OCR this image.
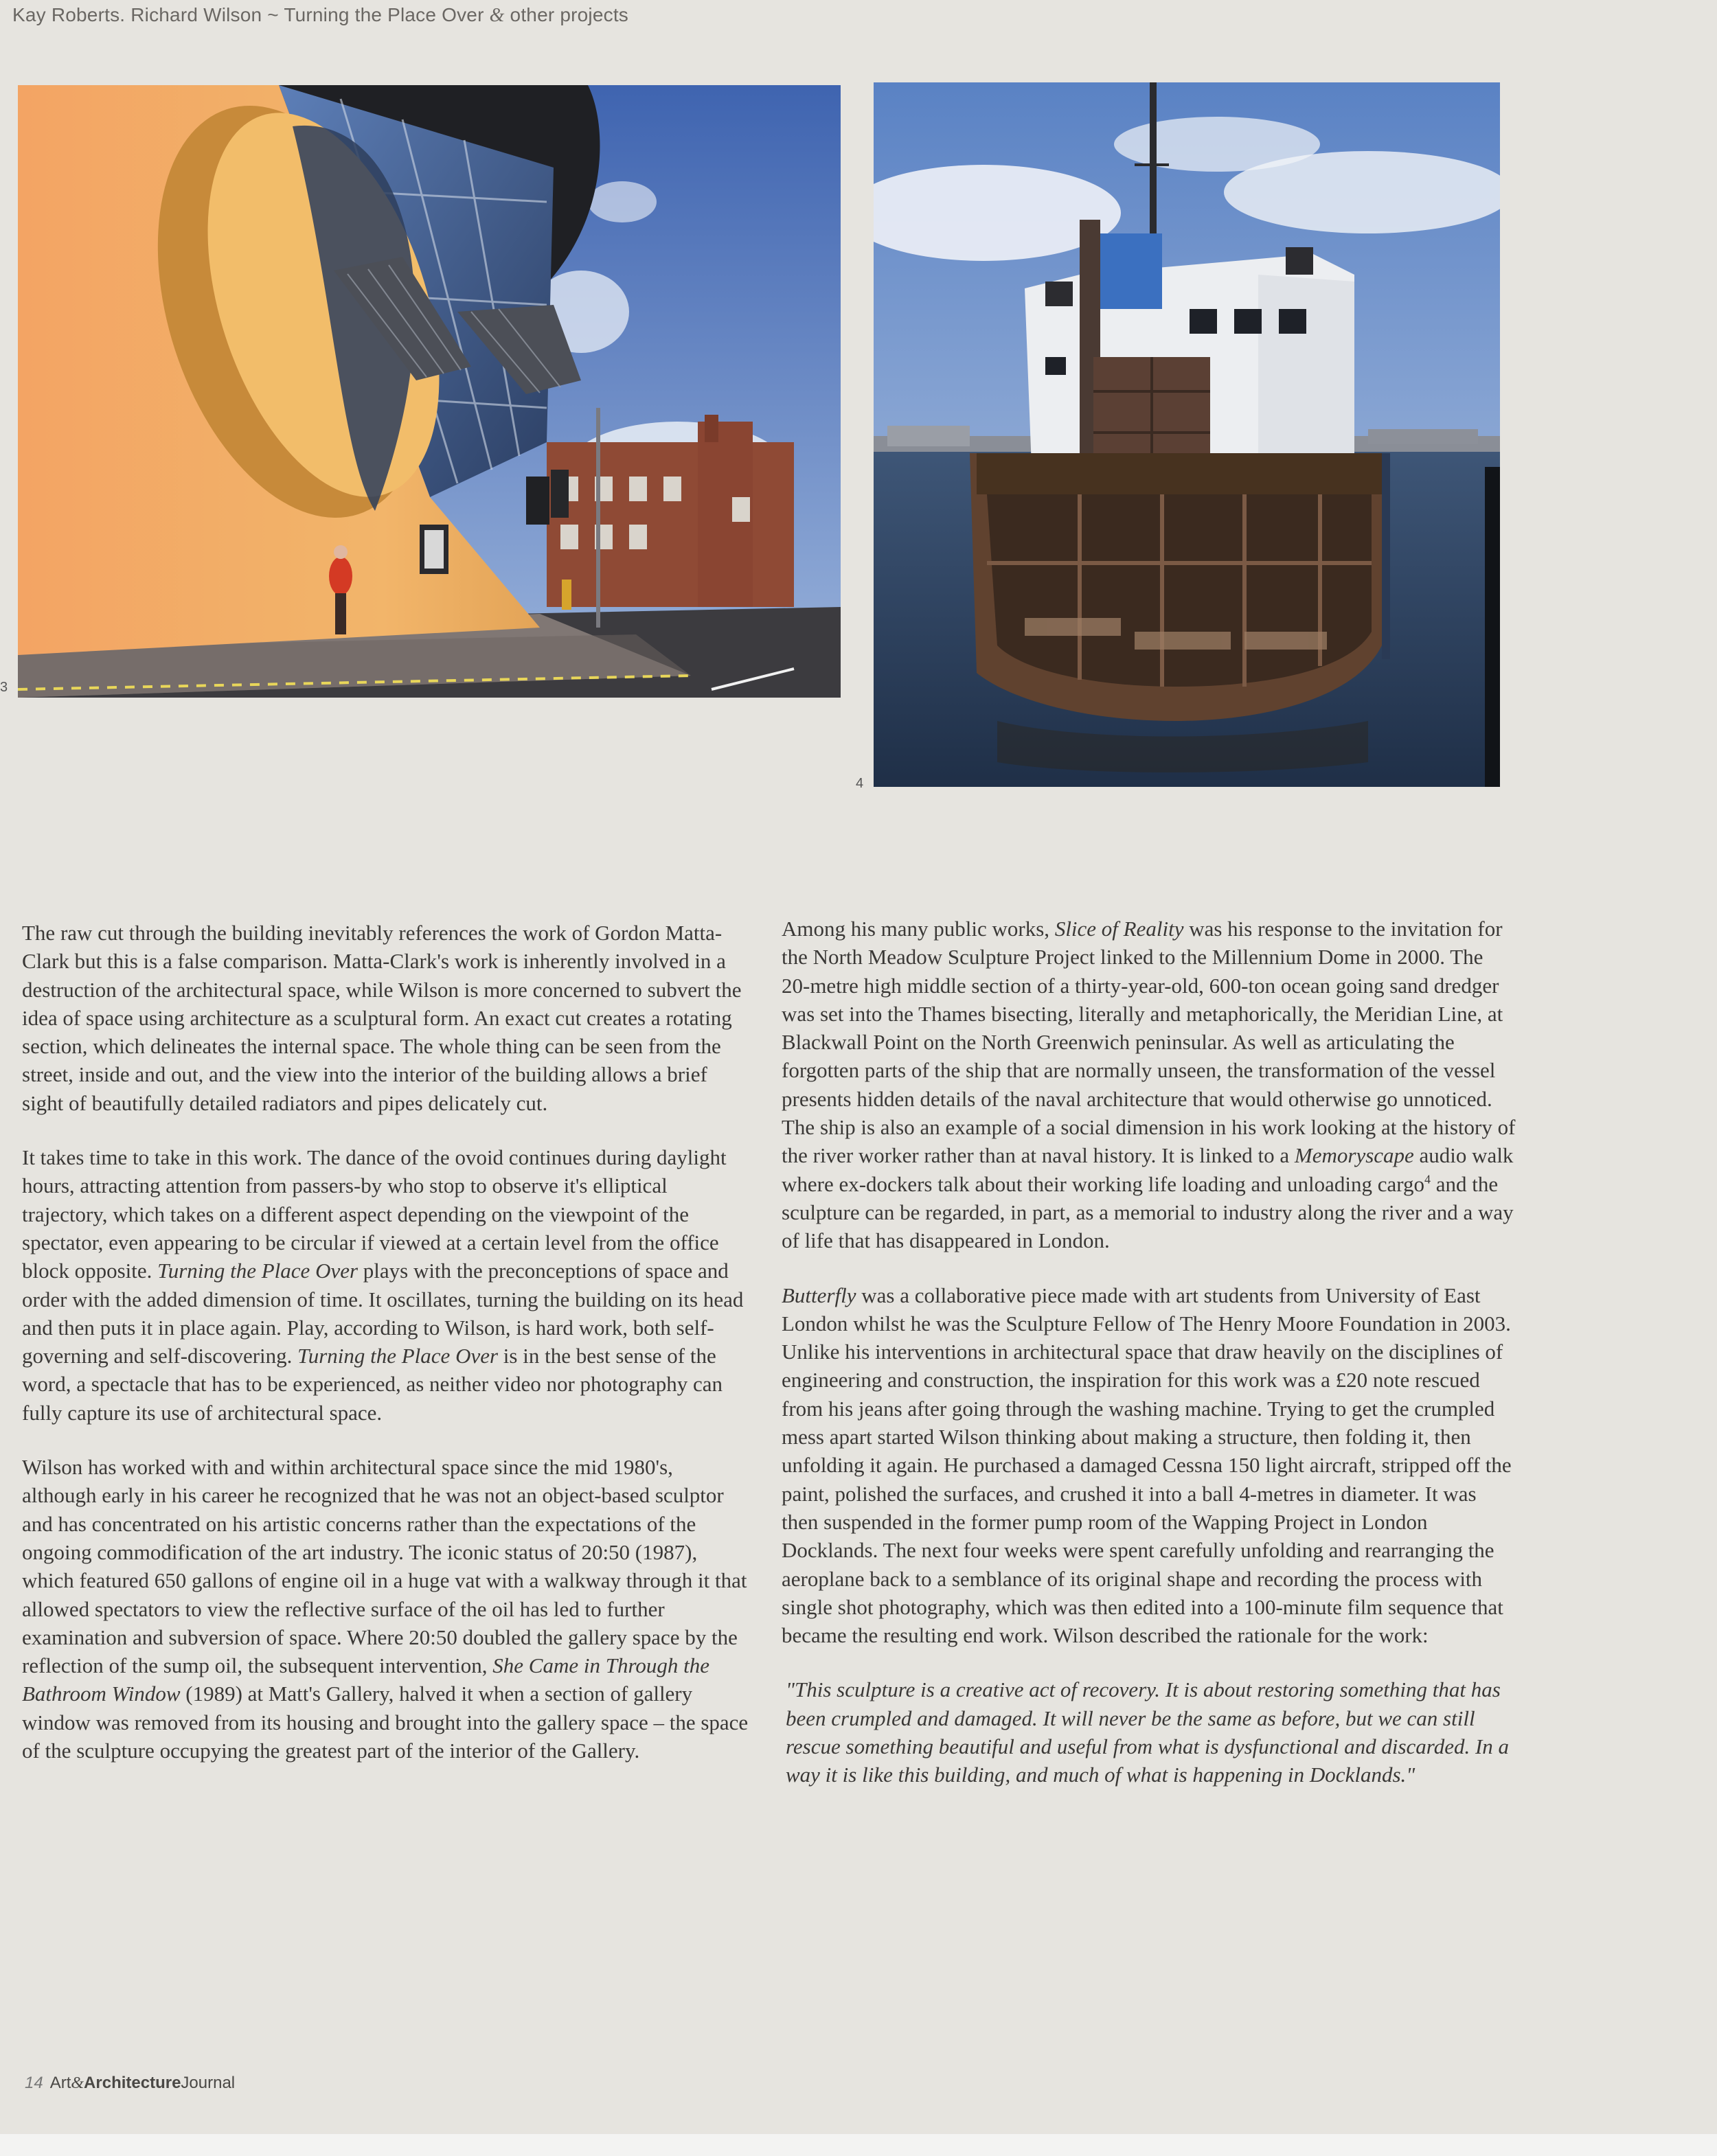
Kay Roberts. Richard Wilson ~ Turning the Place Over & other projects
3
4

The raw cut through the building inevitably references the work of Gordon Matta-Clark but this is a false comparison. Matta-Clark's work is inherently involved in a destruction of the architectural space, while Wilson is more concerned to subvert the idea of space using architecture as a sculptural form. An exact cut creates a rotating section, which delineates the internal space. The whole thing can be seen from the street, inside and out, and the view into the interior of the building allows a brief sight of beautifully detailed radiators and pipes delicately cut.

It takes time to take in this work. The dance of the ovoid continues during daylight hours, attracting attention from passers-by who stop to observe it's elliptical trajectory, which takes on a different aspect depending on the viewpoint of the spectator, even appearing to be circular if viewed at a certain level from the office block opposite. Turning the Place Over plays with the preconceptions of space and order with the added dimension of time. It oscillates, turning the building on its head and then puts it in place again. Play, according to Wilson, is hard work, both self-governing and self-discovering. Turning the Place Over is in the best sense of the word, a spectacle that has to be experienced, as neither video nor photography can fully capture its use of architectural space.

Wilson has worked with and within architectural space since the mid 1980's, although early in his career he recognized that he was not an object-based sculptor and has concentrated on his artistic concerns rather than the expectations of the ongoing commodification of the art industry. The iconic status of 20:50 (1987), which featured 650 gallons of engine oil in a huge vat with a walkway through it that allowed spectators to view the reflective surface of the oil has led to further examination and subversion of space. Where 20:50 doubled the gallery space by the reflection of the sump oil, the subsequent intervention, She Came in Through the Bathroom Window (1989) at Matt's Gallery, halved it when a section of gallery window was removed from its housing and brought into the gallery space – the space of the sculpture occupying the greatest part of the interior of the Gallery.

Among his many public works, Slice of Reality was his response to the invitation for the North Meadow Sculpture Project linked to the Millennium Dome in 2000. The 20-metre high middle section of a thirty-year-old, 600-ton ocean going sand dredger was set into the Thames bisecting, literally and metaphorically, the Meridian Line, at Blackwall Point on the North Greenwich peninsular. As well as articulating the forgotten parts of the ship that are normally unseen, the transformation of the vessel presents hidden details of the naval architecture that would otherwise go unnoticed. The ship is also an example of a social dimension in his work looking at the history of the river worker rather than at naval history. It is linked to a Memoryscape audio walk where ex-dockers talk about their working life loading and unloading cargo$^4$ and the sculpture can be regarded, in part, as a memorial to industry along the river and a way of life that has disappeared in London.

Butterfly was a collaborative piece made with art students from University of East London whilst he was the Sculpture Fellow of The Henry Moore Foundation in 2003. Unlike his interventions in architectural space that draw heavily on the disciplines of engineering and construction, the inspiration for this work was a £20 note rescued from his jeans after going through the washing machine. Trying to get the crumpled mess apart started Wilson thinking about making a structure, then folding it, then unfolding it again. He purchased a damaged Cessna 150 light aircraft, stripped off the paint, polished the surfaces, and crushed it into a ball 4-metres in diameter. It was then suspended in the former pump room of the Wapping Project in London Docklands. The next four weeks were spent carefully unfolding and rearranging the aeroplane back to a semblance of its original shape and recording the process with single shot photography, which was then edited into a 100-minute film sequence that became the resulting end work. Wilson described the rationale for the work:

"This sculpture is a creative act of recovery. It is about restoring something that has been crumpled and damaged. It will never be the same as before, but we can still rescue something beautiful and useful from what is dysfunctional and discarded. In a way it is like this building, and much of what is happening in Docklands."

14 Art&ArchitectureJournal
